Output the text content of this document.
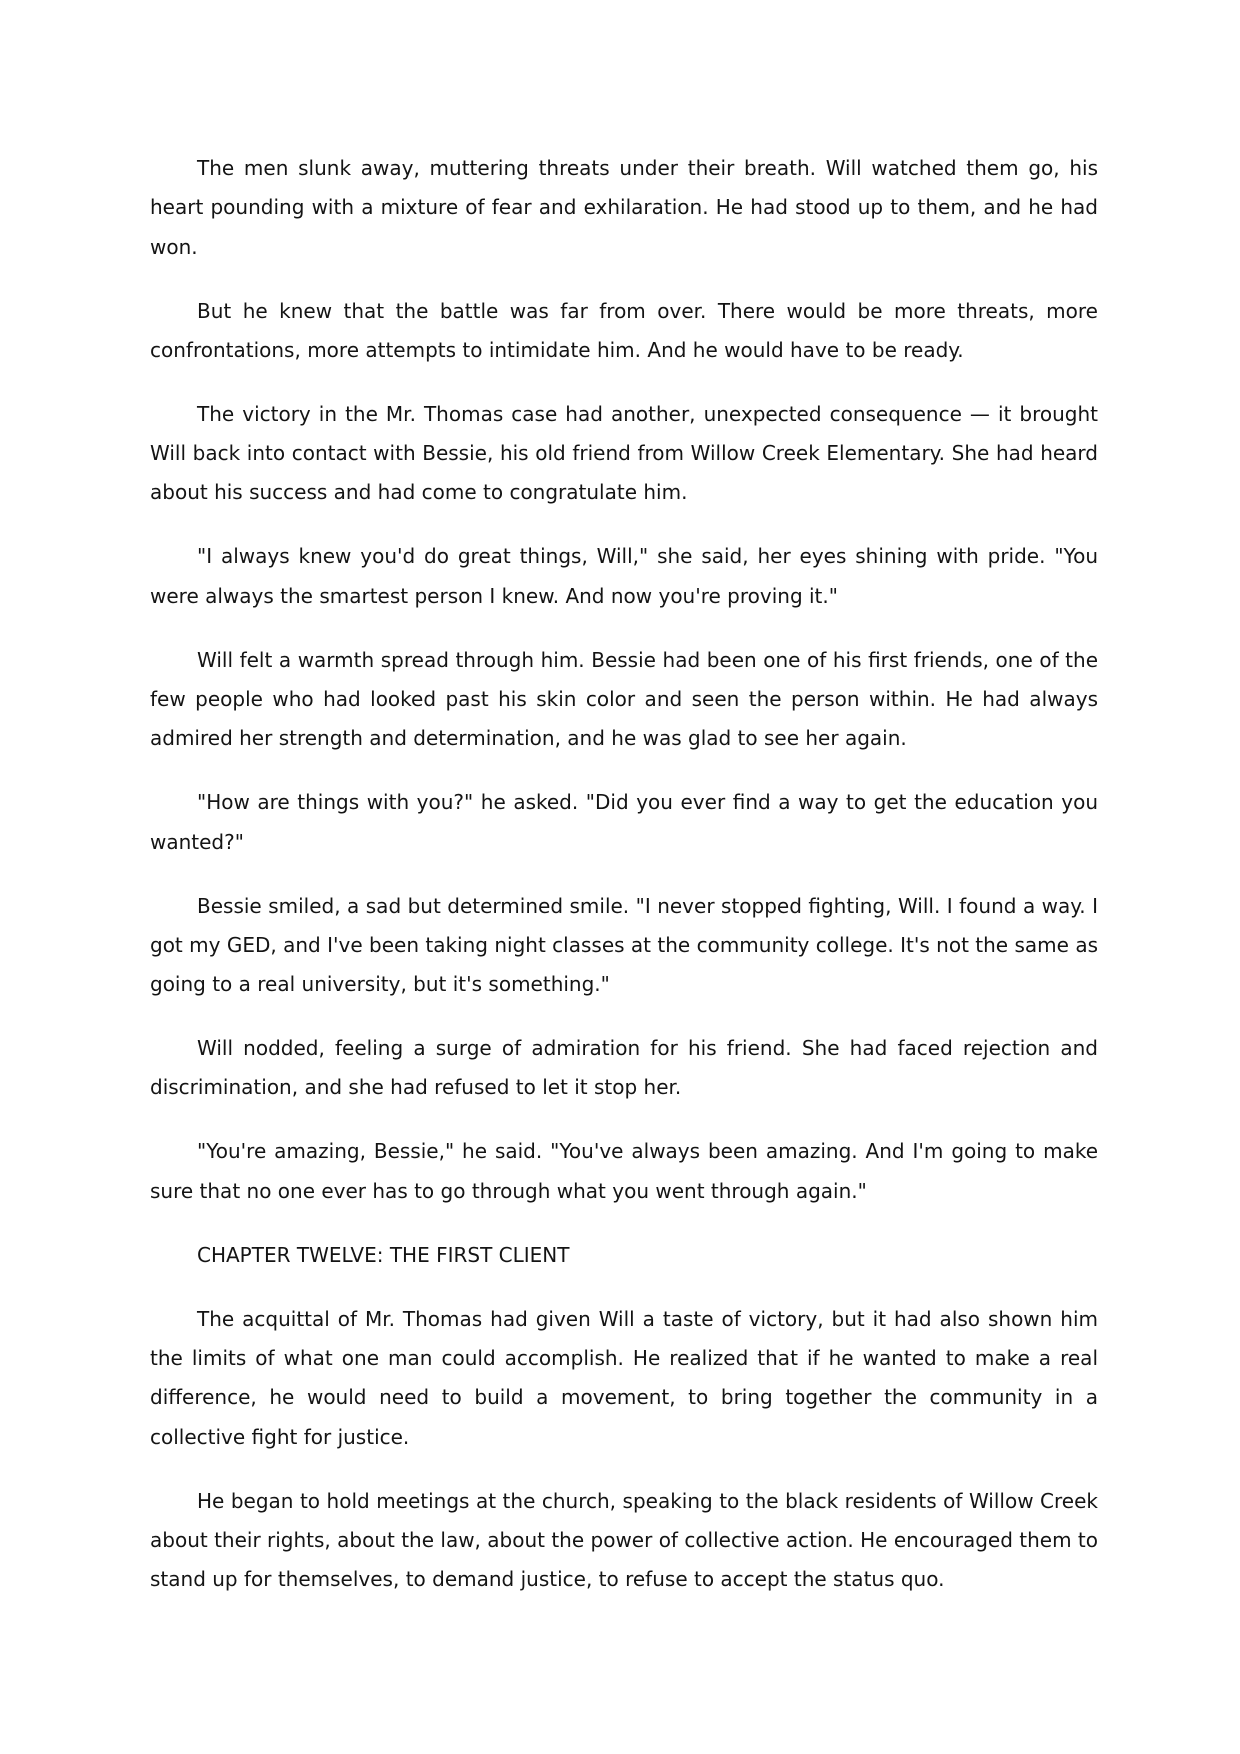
The men slunk away, muttering threats under their breath. Will watched them go, his heart pounding with a mixture of fear and exhilaration. He had stood up to them, and he had won.

But he knew that the battle was far from over. There would be more threats, more confrontations, more attempts to intimidate him. And he would have to be ready.

The victory in the Mr. Thomas case had another, unexpected consequence — it brought Will back into contact with Bessie, his old friend from Willow Creek Elementary. She had heard about his success and had come to congratulate him.

"I always knew you'd do great things, Will," she said, her eyes shining with pride. "You were always the smartest person I knew. And now you're proving it."

Will felt a warmth spread through him. Bessie had been one of his first friends, one of the few people who had looked past his skin color and seen the person within. He had always admired her strength and determination, and he was glad to see her again.

"How are things with you?" he asked. "Did you ever find a way to get the education you wanted?"

Bessie smiled, a sad but determined smile. "I never stopped fighting, Will. I found a way. I got my GED, and I've been taking night classes at the community college. It's not the same as going to a real university, but it's something."

Will nodded, feeling a surge of admiration for his friend. She had faced rejection and discrimination, and she had refused to let it stop her.

"You're amazing, Bessie," he said. "You've always been amazing. And I'm going to make sure that no one ever has to go through what you went through again."

CHAPTER TWELVE: THE FIRST CLIENT

The acquittal of Mr. Thomas had given Will a taste of victory, but it had also shown him the limits of what one man could accomplish. He realized that if he wanted to make a real difference, he would need to build a movement, to bring together the community in a collective fight for justice.

He began to hold meetings at the church, speaking to the black residents of Willow Creek about their rights, about the law, about the power of collective action. He encouraged them to stand up for themselves, to demand justice, to refuse to accept the status quo.
